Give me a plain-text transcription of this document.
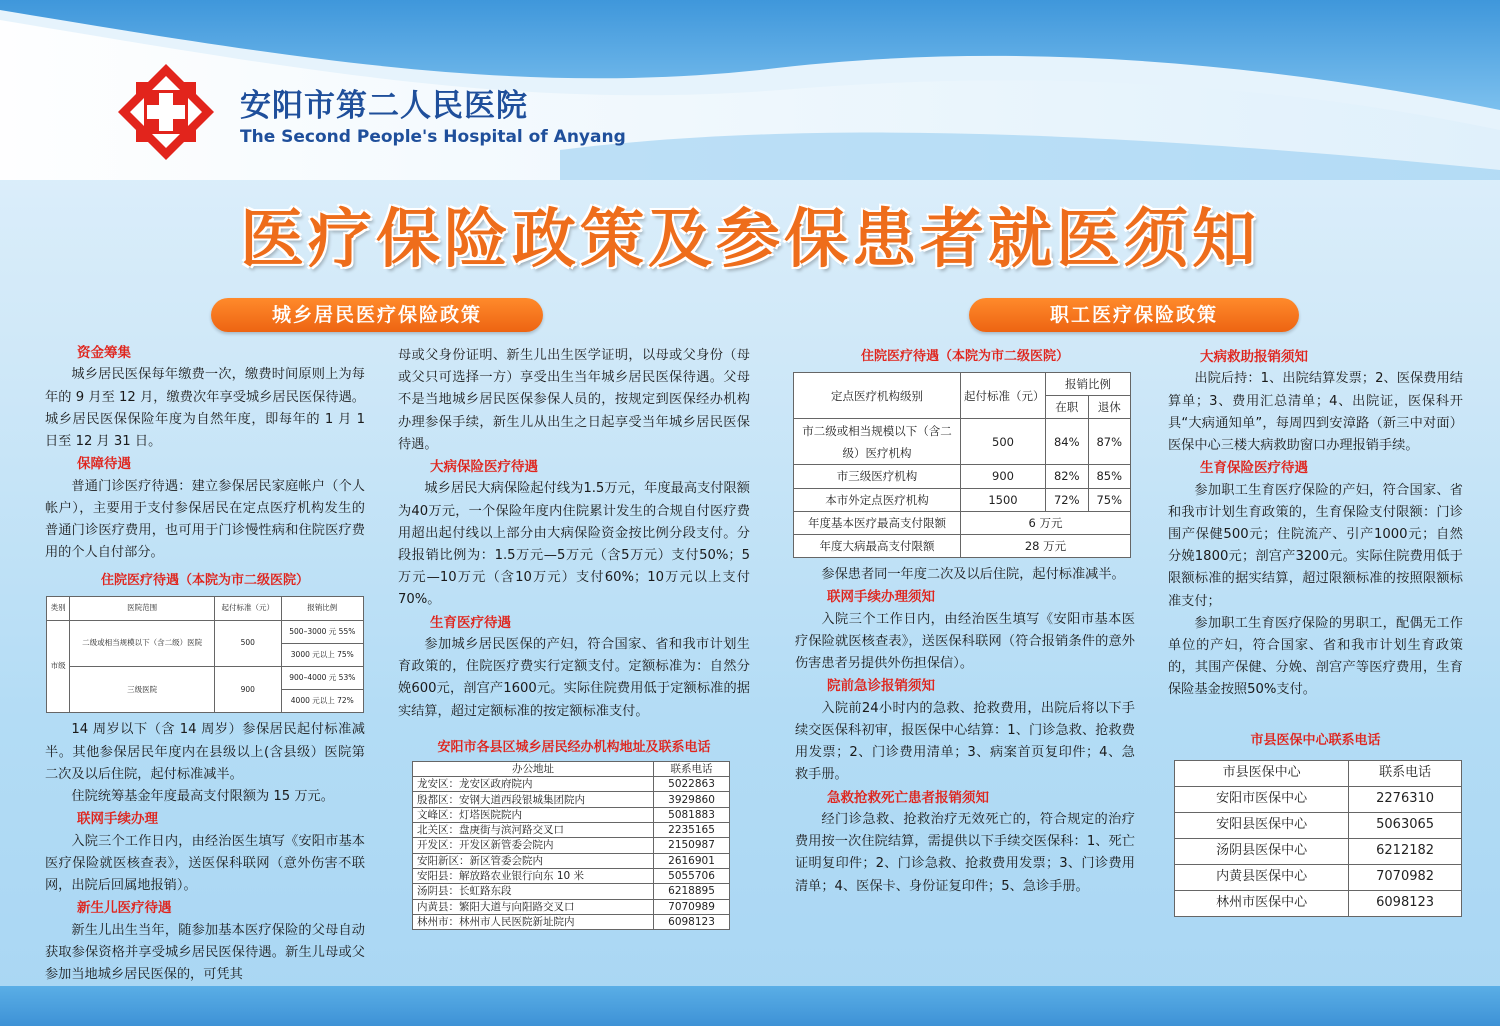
安阳市第二人民医院
The Second People's Hospital of Anyang
医疗保险政策及参保患者就医须知
城乡居民医疗保险政策	职工医疗保险政策
资金筹集

城乡居民医保每年缴费一次，缴费时间原则上为每年的 9 月至 12 月，缴费次年享受城乡居民医保待遇。城乡居民医保保险年度为自然年度，即每年的 1 月 1 日至 12 月 31 日。

保障待遇

普通门诊医疗待遇：建立参保居民家庭帐户（个人帐户），主要用于支付参保居民在定点医疗机构发生的普通门诊医疗费用，也可用于门诊慢性病和住院医疗费用的个人自付部分。

住院医疗待遇（本院为市二级医院）
类别	医院范围	起付标准（元）	报销比例
市级	二级或相当规模以下（含二级）医院	500	500–3000 元 55%
			3000 元以上 75%
	三级医院	900	900–4000 元 53%
			4000 元以上 72%

14 周岁以下（含 14 周岁）参保居民起付标准减半。其他参保居民年度内在县级以上(含县级）医院第二次及以后住院，起付标准减半。

住院统筹基金年度最高支付限额为 15 万元。

联网手续办理

入院三个工作日内，由经治医生填写《安阳市基本医疗保险就医核查表》，送医保科联网（意外伤害不联网，出院后回属地报销）。

新生儿医疗待遇

新生儿出生当年，随参加基本医疗保险的父母自动获取参保资格并享受城乡居民医保待遇。新生儿母或父参加当地城乡居民医保的，可凭其

母或父身份证明、新生儿出生医学证明，以母或父身份（母或父只可选择一方）享受出生当年城乡居民医保待遇。父母不是当地城乡居民医保参保人员的，按规定到医保经办机构办理参保手续，新生儿从出生之日起享受当年城乡居民医保待遇。

大病保险医疗待遇

城乡居民大病保险起付线为1.5万元，年度最高支付限额为40万元，一个保险年度内住院累计发生的合规自付医疗费用超出起付线以上部分由大病保险资金按比例分段支付。分段报销比例为：1.5万元—5万元（含5万元）支付50%；5万元—10万元（含10万元）支付60%；10万元以上支付70%。

生育医疗待遇

参加城乡居民医保的产妇，符合国家、省和我市计划生育政策的，住院医疗费实行定额支付。定额标准为：自然分娩600元，剖宫产1600元。实际住院费用低于定额标准的据实结算，超过定额标准的按定额标准支付。

安阳市各县区城乡居民经办机构地址及联系电话
办公地址	联系电话
龙安区：龙安区政府院内	5022863
殷都区：安钢大道西段银城集团院内	3929860
文峰区：灯塔医院院内	5081883
北关区：盘庚街与滨河路交叉口	2235165
开发区：开发区新管委会院内	2150987
安阳新区：新区管委会院内	2616901
安阳县：解放路农业银行向东 10 米	5055706
汤阴县：长虹路东段	6218895
内黄县：繁阳大道与向阳路交叉口	7070989
林州市：林州市人民医院新址院内	6098123
住院医疗待遇（本院为市二级医院）
定点医疗机构级别	起付标准（元）	报销比例	
		在职	退休
市二级或相当规模以下（含二级）医疗机构	500	84%	87%
市三级医疗机构	900	82%	85%
本市外定点医疗机构	1500	72%	75%
年度基本医疗最高支付限额	6 万元		
年度大病最高支付限额	28 万元		

参保患者同一年度二次及以后住院，起付标准减半。

联网手续办理须知

入院三个工作日内，由经治医生填写《安阳市基本医疗保险就医核查表》，送医保科联网（符合报销条件的意外伤害患者另提供外伤担保信）。

院前急诊报销须知

入院前24小时内的急救、抢救费用，出院后将以下手续交医保科初审，报医保中心结算：1、门诊急救、抢救费用发票；2、门诊费用清单；3、病案首页复印件；4、急救手册。

急救抢救死亡患者报销须知

经门诊急救、抢救治疗无效死亡的，符合规定的治疗费用按一次住院结算，需提供以下手续交医保科：1、死亡证明复印件；2、门诊急救、抢救费用发票；3、门诊费用清单；4、医保卡、身份证复印件；5、急诊手册。

大病救助报销须知

出院后持：1、出院结算发票；2、医保费用结算单；3、费用汇总清单；4、出院证，医保科开具“大病通知单”，每周四到安漳路（新三中对面）医保中心三楼大病救助窗口办理报销手续。

生育保险医疗待遇

参加职工生育医疗保险的产妇，符合国家、省和我市计划生育政策的，生育保险支付限额：门诊围产保健500元；住院流产、引产1000元；自然分娩1800元；剖宫产3200元。实际住院费用低于限额标准的据实结算，超过限额标准的按照限额标准支付；

参加职工生育医疗保险的男职工，配偶无工作单位的产妇，符合国家、省和我市计划生育政策的，其围产保健、分娩、剖宫产等医疗费用，生育保险基金按照50%支付。

市县医保中心联系电话
市县医保中心	联系电话
安阳市医保中心	2276310
安阳县医保中心	5063065
汤阴县医保中心	6212182
内黄县医保中心	7070982
林州市医保中心	6098123
